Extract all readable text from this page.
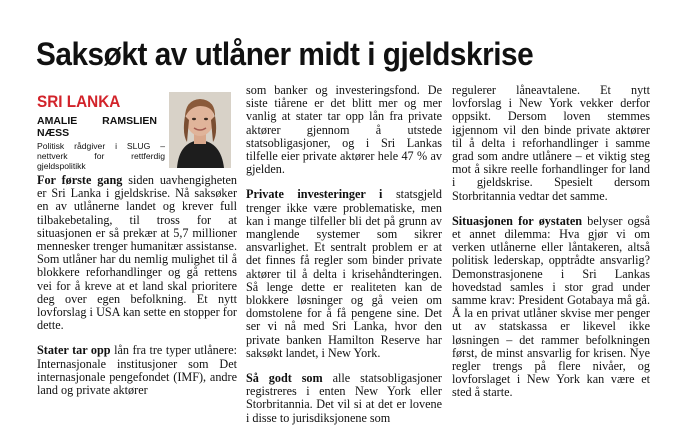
Saksøkt av utlåner midt i gjeldskrise
SRI LANKA
AMALIE RAMSLIEN NÆSS
Politisk rådgiver i SLUG – nettverk for rettferdig gjeldspolitikk

For første gang siden uavhengigheten er Sri Lanka i gjeldskrise. Nå saksøker en av utlånerne landet og krever full tilbakebetaling, til tross for at situasjonen er så prekær at 5,7 millioner mennesker trenger humanitær assistanse. Som utlåner har du nemlig mulighet til å blokkere reforhandlinger og gå rettens vei for å kreve at et land skal prioritere deg over egen befolkning. Et nytt lovforslag i USA kan sette en stopper for dette.

Stater tar opp lån fra tre typer utlånere: Internasjonale institusjoner som Det internasjonale pengefondet (IMF), andre land og private aktører

som banker og investeringsfond. De siste tiårene er det blitt mer og mer vanlig at stater tar opp lån fra private aktører gjennom å utstede statsobligasjoner, og i Sri Lankas tilfelle eier private aktører hele 47 % av gjelden.

Private investeringer i statsgjeld trenger ikke være problematiske, men kan i mange tilfeller bli det på grunn av manglende systemer som sikrer ansvarlighet. Et sentralt problem er at det finnes få regler som binder private aktører til å delta i krisehåndteringen. Så lenge dette er realiteten kan de blokkere løsninger og gå veien om domstolene for å få pengene sine. Det ser vi nå med Sri Lanka, hvor den private banken Hamilton Reserve har saksøkt landet, i New York.

Så godt som alle statsobligasjoner registreres i enten New York eller Storbritannia. Det vil si at det er lovene i disse to jurisdiksjonene som

regulerer låneavtalene. Et nytt lovforslag i New York vekker derfor oppsikt. Dersom loven stemmes igjennom vil den binde private aktører til å delta i reforhandlinger i samme grad som andre utlånere – et viktig steg mot å sikre reelle forhandlinger for land i gjeldskrise. Spesielt dersom Storbritannia vedtar det samme.

Situasjonen for øystaten belyser også et annet dilemma: Hva gjør vi om verken utlånerne eller låntakeren, altså politisk lederskap, opptrådte ansvarlig? Demonstrasjonene i Sri Lankas hovedstad samles i stor grad under samme krav: President Gotabaya må gå. Å la en privat utlåner skvise mer penger ut av statskassa er likevel ikke løsningen – det rammer befolkningen først, de minst ansvarlig for krisen. Nye regler trengs på flere nivåer, og lovforslaget i New York kan være et sted å starte.
